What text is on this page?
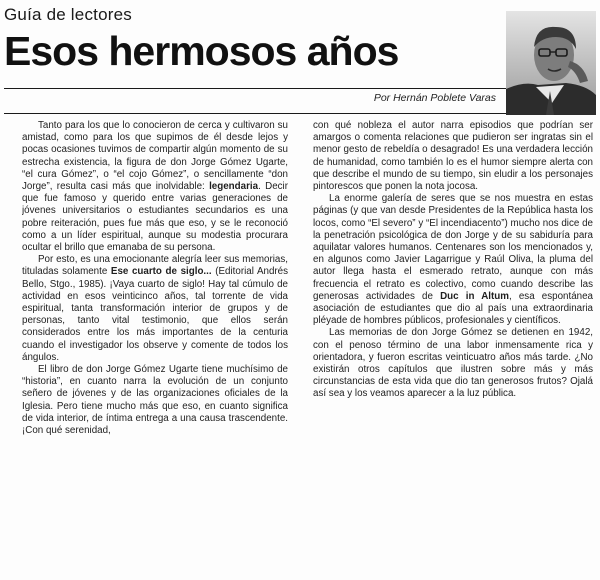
Guía de lectores
Esos hermosos años
Por Hernán Poblete Varas

Tanto para los que lo conocieron de cerca y cultivaron su amistad, como para los que supimos de él desde lejos y pocas ocasiones tuvimos de compartir algún momento de su estrecha existencia, la figura de don Jorge Gómez Ugarte, “el cura Gómez”, o “el cojo Gómez”, o sencillamente “don Jorge”, resulta casi más que inolvidable: legendaria. Decir que fue famoso y querido entre varias generaciones de jóvenes universitarios o estudiantes secundarios es una pobre reiteración, pues fue más que eso, y se le reconoció como a un líder espiritual, aunque su modestia procurara ocultar el brillo que emanaba de su persona.

Por esto, es una emocionante alegría leer sus memorias, tituladas solamente Ese cuarto de siglo... (Editorial Andrés Bello, Stgo., 1985). ¡Vaya cuarto de siglo! Hay tal cúmulo de actividad en esos veinticinco años, tal torrente de vida espiritual, tanta transformación interior de grupos y de personas, tanto vital testimonio, que ellos serán considerados entre los más importantes de la centuria cuando el investigador los observe y comente de todos los ángulos.

El libro de don Jorge Gómez Ugarte tiene muchísimo de “historia”, en cuanto narra la evolución de un conjunto señero de jóvenes y de las organizaciones oficiales de la Iglesia. Pero tiene mucho más que eso, en cuanto significa de vida interior, de íntima entrega a una causa trascendente. ¡Con qué serenidad,

con qué nobleza el autor narra episodios que podrían ser amargos o comenta relaciones que pudieron ser ingratas sin el menor gesto de rebeldía o desagrado! Es una verdadera lección de humanidad, como también lo es el humor siempre alerta con que describe el mundo de su tiempo, sin eludir a los personajes pintorescos que ponen la nota jocosa.

La enorme galería de seres que se nos muestra en estas páginas (y que van desde Presidentes de la República hasta los locos, como “El severo” y “El incendiacento”) mucho nos dice de la penetración psicológica de don Jorge y de su sabiduría para aquilatar valores humanos. Centenares son los mencionados y, en algunos como Javier Lagarrigue y Raúl Oliva, la pluma del autor llega hasta el esmerado retrato, aunque con más frecuencia el retrato es colectivo, como cuando describe las generosas actividades de Duc in Altum, esa espontánea asociación de estudiantes que dio al país una extraordinaria pléyade de hombres públicos, profesionales y científicos.

Las memorias de don Jorge Gómez se detienen en 1942, con el penoso término de una labor inmensamente rica y orientadora, y fueron escritas veinticuatro años más tarde. ¿No existirán otros capítulos que ilustren sobre más y más circunstancias de esta vida que dio tan generosos frutos? Ojalá así sea y los veamos aparecer a la luz pública.
